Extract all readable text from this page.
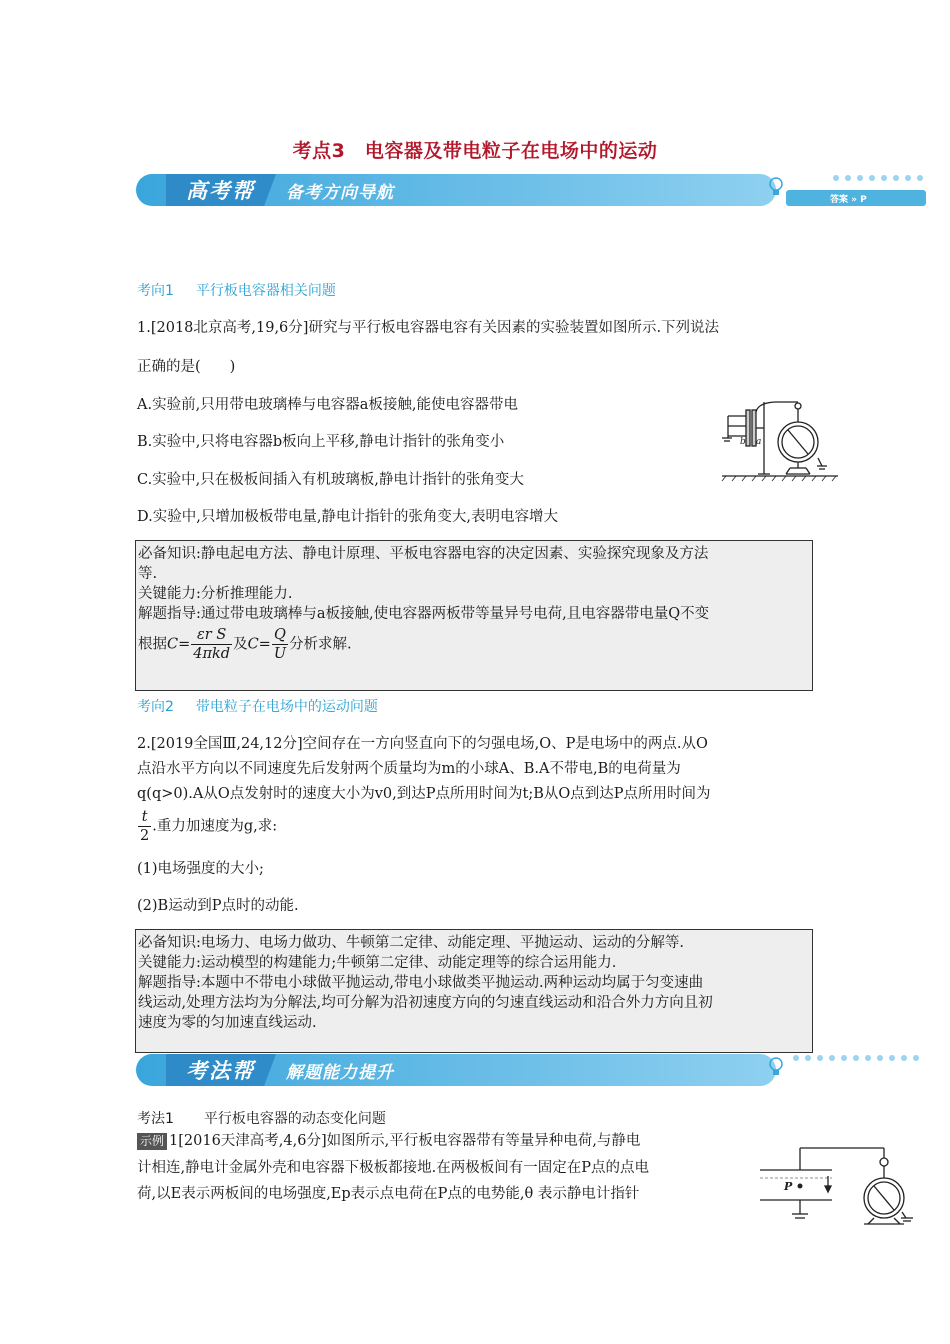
考点3　电容器及带电粒子在电场中的运动
高考帮 备考方向导航	答案 » P
考向1 平行板电容器相关问题
1.[2018北京高考,19,6分]研究与平行板电容器电容有关因素的实验装置如图所示.下列说法
正确的是(　　)
A.实验前,只用带电玻璃棒与电容器a板接触,能使电容器带电
B.实验中,只将电容器b板向上平移,静电计指针的张角变小
C.实验中,只在极板间插入有机玻璃板,静电计指针的张角变大
D.实验中,只增加极板带电量,静电计指针的张角变大,表明电容增大
b a

必备知识:静电起电方法、静电计原理、平板电容器电容的决定因素、实验探究现象及方法

等.

关键能力:分析推理能力.

解题指导:通过带电玻璃棒与a板接触,使电容器两板带等量异号电荷,且电容器带电量Q不变

根据$C= \frac{\text{εr S}}{\text{4πkd}}$ 及$C= \frac{Q}{U}$ 分析求解.

考向2 带电粒子在电场中的运动问题
2.[2019全国Ⅲ,24,12分]空间存在一方向竖直向下的匀强电场,O、P是电场中的两点.从O
点沿水平方向以不同速度先后发射两个质量均为m的小球A、B.A不带电,B的电荷量为
q(q>0).A从O点发射时的速度大小为v0,到达P点所用时间为t;B从O点到达P点所用时间为
$\frac{t}{2}$ .重力加速度为g,求:
(1)电场强度的大小;
(2)B运动到P点时的动能.

必备知识:电场力、电场力做功、牛顿第二定律、动能定理、平抛运动、运动的分解等.

关键能力:运动模型的构建能力;牛顿第二定律、动能定理等的综合运用能力.

解题指导:本题中不带电小球做平抛运动,带电小球做类平抛运动.两种运动均属于匀变速曲

线运动,处理方法均为分解法,均可分解为沿初速度方向的匀速直线运动和沿合外力方向且初

速度为零的匀加速直线运动.

考法帮 解题能力提升
考法1 平行板电容器的动态变化问题
示例 1[2016天津高考,4,6分]如图所示,平行板电容器带有等量异种电荷,与静电
计相连,静电计金属外壳和电容器下极板都接地.在两极板间有一固定在P点的点电
荷,以E表示两板间的电场强度,Ep表示点电荷在P点的电势能,θ 表示静电计指针	P
